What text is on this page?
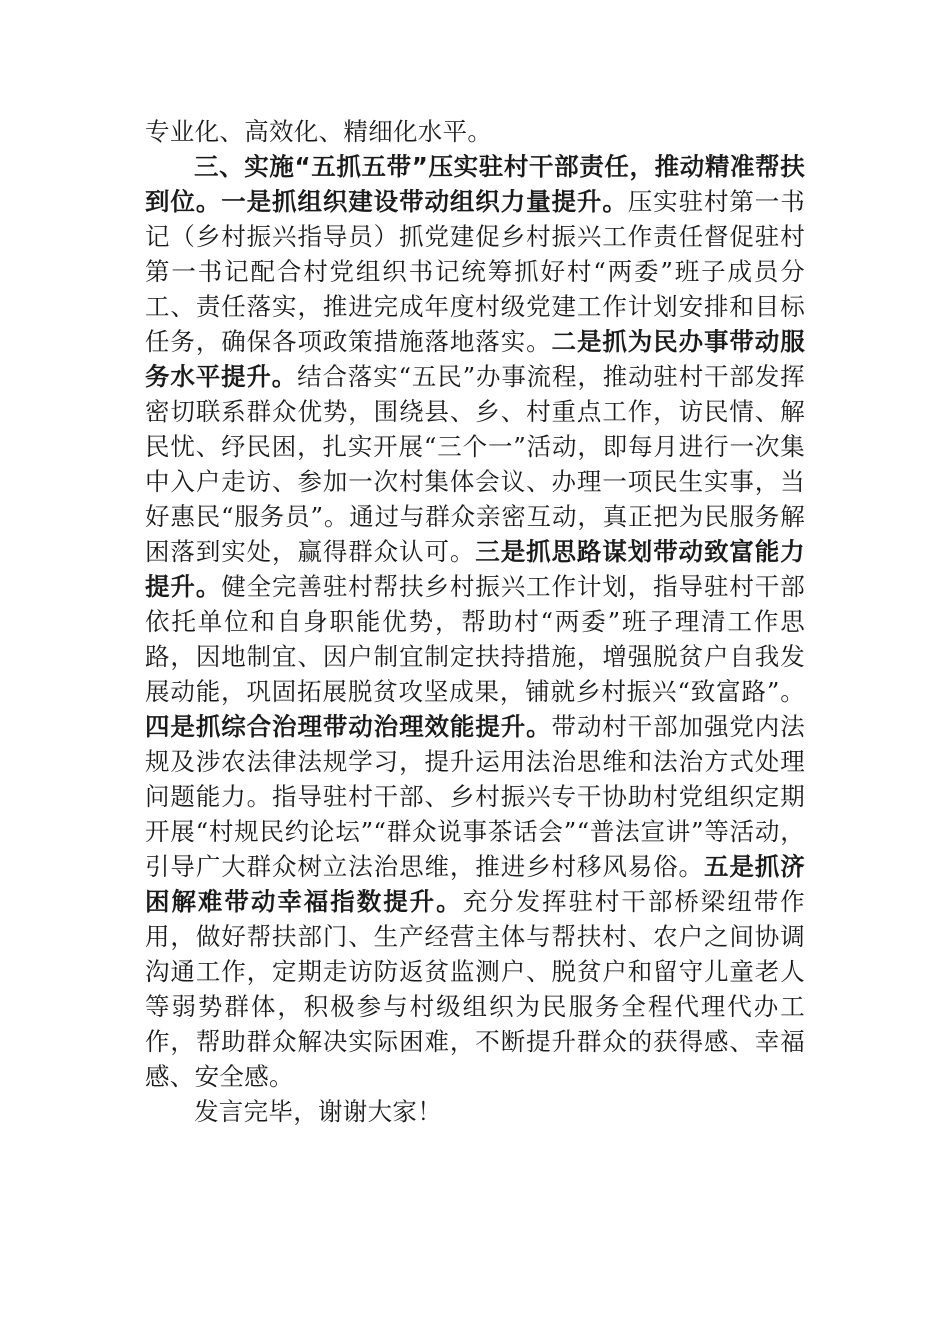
专业化、高效化、精细化水平。

三、实施“五抓五带”压实驻村干部责任，推动精准帮扶到位。一是抓组织建设带动组织力量提升。压实驻村第一书记（乡村振兴指导员）抓党建促乡村振兴工作责任督促驻村第一书记配合村党组织书记统筹抓好村“两委”班子成员分工、责任落实，推进完成年度村级党建工作计划安排和目标任务，确保各项政策措施落地落实。二是抓为民办事带动服务水平提升。结合落实“五民”办事流程，推动驻村干部发挥密切联系群众优势，围绕县、乡、村重点工作，访民情、解民忧、纾民困，扎实开展“三个一”活动，即每月进行一次集中入户走访、参加一次村集体会议、办理一项民生实事，当好惠民“服务员”。通过与群众亲密互动，真正把为民服务解困落到实处，赢得群众认可。三是抓思路谋划带动致富能力提升。健全完善驻村帮扶乡村振兴工作计划，指导驻村干部依托单位和自身职能优势，帮助村“两委”班子理清工作思路，因地制宜、因户制宜制定扶持措施，增强脱贫户自我发展动能，巩固拓展脱贫攻坚成果，铺就乡村振兴“致富路”。四是抓综合治理带动治理效能提升。带动村干部加强党内法规及涉农法律法规学习，提升运用法治思维和法治方式处理问题能力。指导驻村干部、乡村振兴专干协助村党组织定期开展“村规民约论坛”“群众说事茶话会”“普法宣讲”等活动，引导广大群众树立法治思维，推进乡村移风易俗。五是抓济困解难带动幸福指数提升。充分发挥驻村干部桥梁纽带作用，做好帮扶部门、生产经营主体与帮扶村、农户之间协调沟通工作，定期走访防返贫监测户、脱贫户和留守儿童老人等弱势群体，积极参与村级组织为民服务全程代理代办工作，帮助群众解决实际困难，不断提升群众的获得感、幸福感、安全感。

发言完毕，谢谢大家！
